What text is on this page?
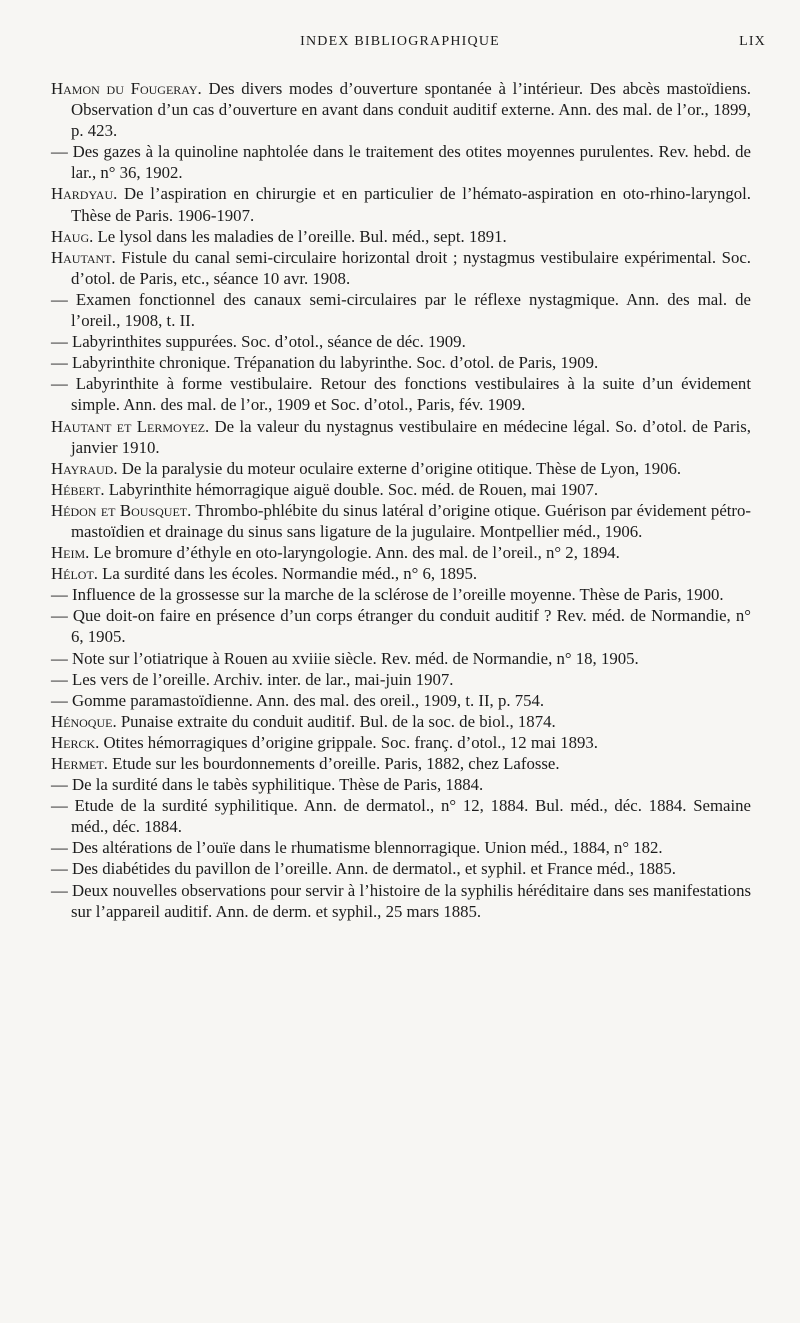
INDEX BIBLIOGRAPHIQUE	LIX

Hamon du Fougeray. Des divers modes d’ouverture spontanée à l’intérieur. Des abcès mastoïdiens. Observation d’un cas d’ouverture en avant dans conduit auditif externe. Ann. des mal. de l’or., 1899, p. 423.

— Des gazes à la quinoline naphtolée dans le traitement des otites moyennes purulentes. Rev. hebd. de lar., n° 36, 1902.

Hardyau. De l’aspiration en chirurgie et en particulier de l’hémato-aspiration en oto-rhino-laryngol. Thèse de Paris. 1906-1907.

Haug. Le lysol dans les maladies de l’oreille. Bul. méd., sept. 1891.

Hautant. Fistule du canal semi-circulaire horizontal droit ; nystagmus vestibulaire expérimental. Soc. d’otol. de Paris, etc., séance 10 avr. 1908.

— Examen fonctionnel des canaux semi-circulaires par le réflexe nystagmique. Ann. des mal. de l’oreil., 1908, t. II.

— Labyrinthites suppurées. Soc. d’otol., séance de déc. 1909.

— Labyrinthite chronique. Trépanation du labyrinthe. Soc. d’otol. de Paris, 1909.

— Labyrinthite à forme vestibulaire. Retour des fonctions vestibulaires à la suite d’un évidement simple. Ann. des mal. de l’or., 1909 et Soc. d’otol., Paris, fév. 1909.

Hautant et Lermoyez. De la valeur du nystagnus vestibulaire en médecine légal. So. d’otol. de Paris, janvier 1910.

Hayraud. De la paralysie du moteur oculaire externe d’origine otitique. Thèse de Lyon, 1906.

Hébert. Labyrinthite hémorragique aiguë double. Soc. méd. de Rouen, mai 1907.

Hédon et Bousquet. Thrombo-phlébite du sinus latéral d’origine otique. Guérison par évidement pétro-mastoïdien et drainage du sinus sans ligature de la jugulaire. Montpellier méd., 1906.

Heim. Le bromure d’éthyle en oto-laryngologie. Ann. des mal. de l’oreil., n° 2, 1894.

Hélot. La surdité dans les écoles. Normandie méd., n° 6, 1895.

— Influence de la grossesse sur la marche de la sclérose de l’oreille moyenne. Thèse de Paris, 1900.

— Que doit-on faire en présence d’un corps étranger du conduit auditif ? Rev. méd. de Normandie, n° 6, 1905.

— Note sur l’otiatrique à Rouen au xviiie siècle. Rev. méd. de Normandie, n° 18, 1905.

— Les vers de l’oreille. Archiv. inter. de lar., mai-juin 1907.

— Gomme paramastoïdienne. Ann. des mal. des oreil., 1909, t. II, p. 754.

Hénoque. Punaise extraite du conduit auditif. Bul. de la soc. de biol., 1874.

Herck. Otites hémorragiques d’origine grippale. Soc. franç. d’otol., 12 mai 1893.

Hermet. Etude sur les bourdonnements d’oreille. Paris, 1882, chez Lafosse.

— De la surdité dans le tabès syphilitique. Thèse de Paris, 1884.

— Etude de la surdité syphilitique. Ann. de dermatol., n° 12, 1884. Bul. méd., déc. 1884. Semaine méd., déc. 1884.

— Des altérations de l’ouïe dans le rhumatisme blennorragique. Union méd., 1884, n° 182.

— Des diabétides du pavillon de l’oreille. Ann. de dermatol., et syphil. et France méd., 1885.

— Deux nouvelles observations pour servir à l’histoire de la syphilis héréditaire dans ses manifestations sur l’appareil auditif. Ann. de derm. et syphil., 25 mars 1885.
